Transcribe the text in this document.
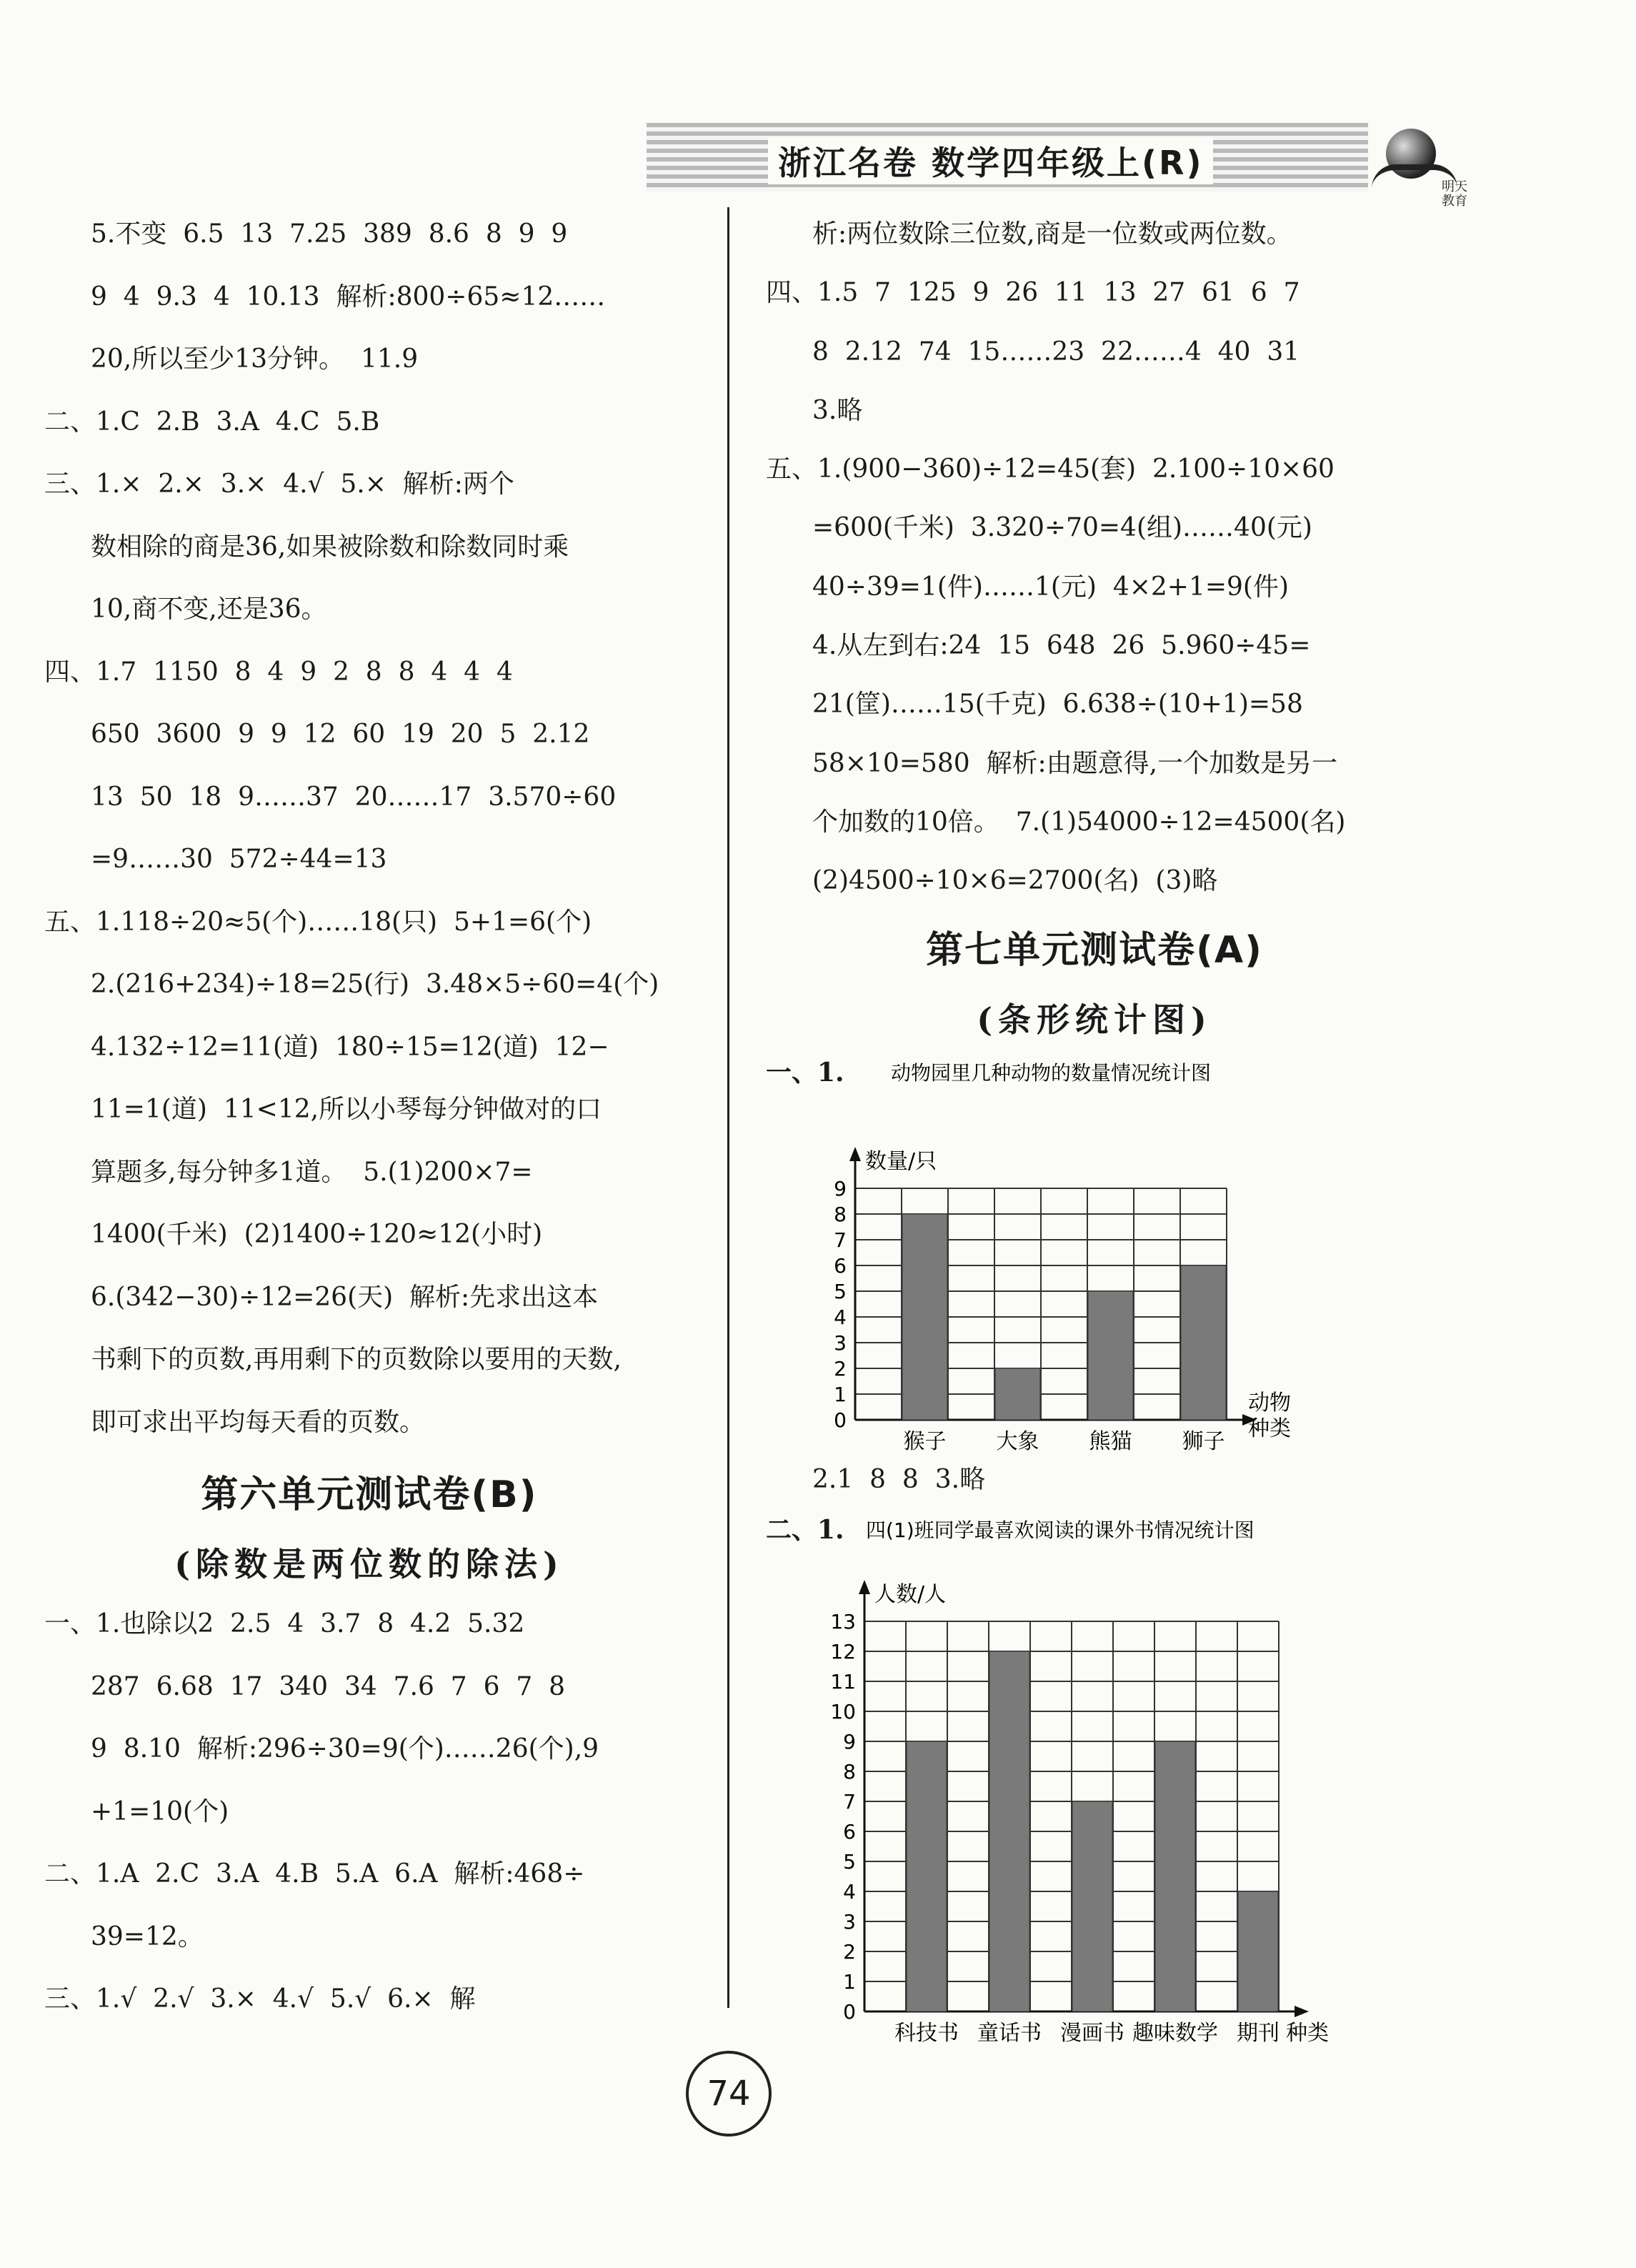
浙江名卷 数学四年级上(R)
明天教育
5.不变  6.5  13  7.25  389  8.6  8  9  9
9  4  9.3  4  10.13  解析:800÷65≈12……
20,所以至少13分钟。  11.9
二、1.C  2.B  3.A  4.C  5.B
三、1.×  2.×  3.×  4.√  5.×  解析:两个
数相除的商是36,如果被除数和除数同时乘
10,商不变,还是36。
四、1.7  1150  8  4  9  2  8  8  4  4  4
650  3600  9  9  12  60  19  20  5  2.12
13  50  18  9……37  20……17  3.570÷60
=9……30  572÷44=13
五、1.118÷20≈5(个)……18(只)  5+1=6(个)
2.(216+234)÷18=25(行)  3.48×5÷60=4(个)
4.132÷12=11(道)  180÷15=12(道)  12−
11=1(道)  11<12,所以小琴每分钟做对的口
算题多,每分钟多1道。  5.(1)200×7=
1400(千米)  (2)1400÷120≈12(小时)
6.(342−30)÷12=26(天)  解析:先求出这本
书剩下的页数,再用剩下的页数除以要用的天数,
即可求出平均每天看的页数。
第六单元测试卷(B)
(除数是两位数的除法)
一、1.也除以2  2.5  4  3.7  8  4.2  5.32
287  6.68  17  340  34  7.6  7  6  7  8
9  8.10  解析:296÷30=9(个)……26(个),9
+1=10(个)
二、1.A  2.C  3.A  4.B  5.A  6.A  解析:468÷
39=12。
三、1.√  2.√  3.×  4.√  5.√  6.×  解
析:两位数除三位数,商是一位数或两位数。
四、1.5  7  125  9  26  11  13  27  61  6  7
8  2.12  74  15……23  22……4  40  31
3.略
五、1.(900−360)÷12=45(套)  2.100÷10×60
=600(千米)  3.320÷70=4(组)……40(元)
40÷39=1(件)……1(元)  4×2+1=9(件)
4.从左到右:24  15  648  26  5.960÷45=
21(筐)……15(千克)  6.638÷(10+1)=58
58×10=580  解析:由题意得,一个加数是另一
个加数的10倍。  7.(1)54000÷12=4500(名)
(2)4500÷10×6=2700(名)  (3)略
第七单元测试卷(A)
(条形统计图)
一、1. 动物园里几种动物的数量情况统计图
0
1
2
3
4
5
6
7
8
9
数量/只
猴子 大象 熊猫 狮子
动物
种类
2.1  8  8  3.略
二、1. 四(1)班同学最喜欢阅读的课外书情况统计图
0
1
2
3
4
5
6
7
8
9
10
11
12
13
人数/人
科技书 童话书 漫画书 趣味数学 期刊 种类
74
